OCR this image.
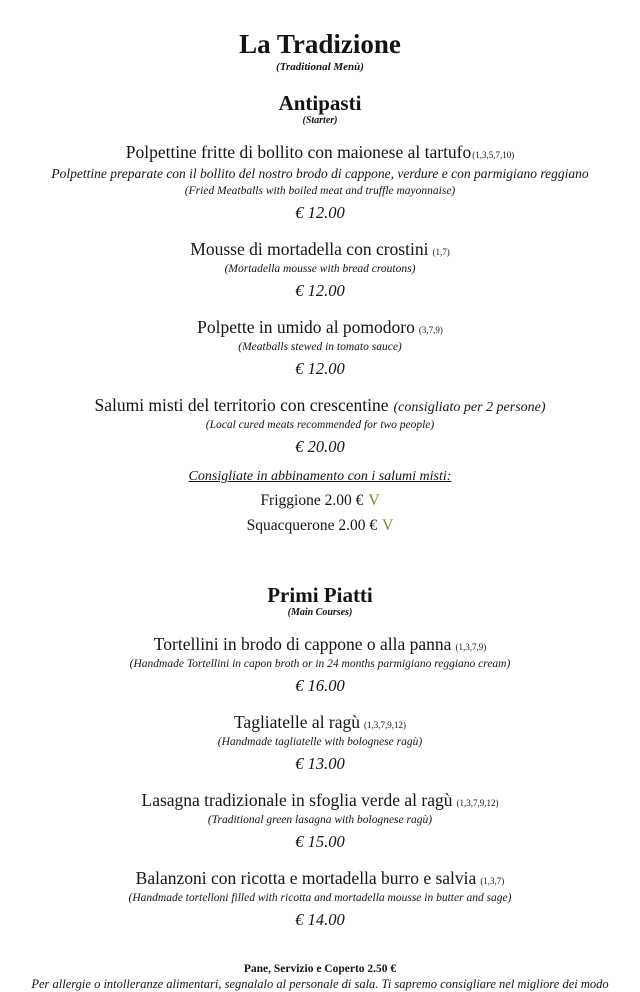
La Tradizione
(Traditional Menù)
Antipasti
(Starter)
Polpettine fritte di bollito con maionese al tartufo(1,3,5,7,10)
Polpettine preparate con il bollito del nostro brodo di cappone, verdure e con parmigiano reggiano
(Fried Meatballs with boiled meat and truffle mayonnaise)
€ 12.00
Mousse di mortadella con crostini (1,7)
(Mortadella mousse with bread croutons)
€ 12.00
Polpette in umido al pomodoro (3,7,9)
(Meatballs stewed in tomato sauce)
€ 12.00
Salumi misti del territorio con crescentine (consigliato per 2 persone)
(Local cured meats recommended for two people)
€ 20.00
Consigliate in abbinamento con i salumi misti:
Friggione 2.00 € V
Squacquerone 2.00 € V
Primi Piatti
(Main Courses)
Tortellini in brodo di cappone o alla panna (1,3,7,9)
(Handmade Tortellini in capon broth or in 24 months parmigiano reggiano cream)
€ 16.00
Tagliatelle al ragù (1,3,7,9,12)
(Handmade tagliatelle with bolognese ragù)
€ 13.00
Lasagna tradizionale in sfoglia verde al ragù (1,3,7,9,12)
(Traditional green lasagna with bolognese ragù)
€ 15.00
Balanzoni con ricotta e mortadella burro e salvia (1,3,7)
(Handmade tortelloni filled with ricotta and mortadella mousse in butter and sage)
€ 14.00
Pane, Servizio e Coperto 2.50 €
Per allergie o intolleranze alimentari, segnalalo al personale di sala. Ti sapremo consigliare nel migliore dei modo
